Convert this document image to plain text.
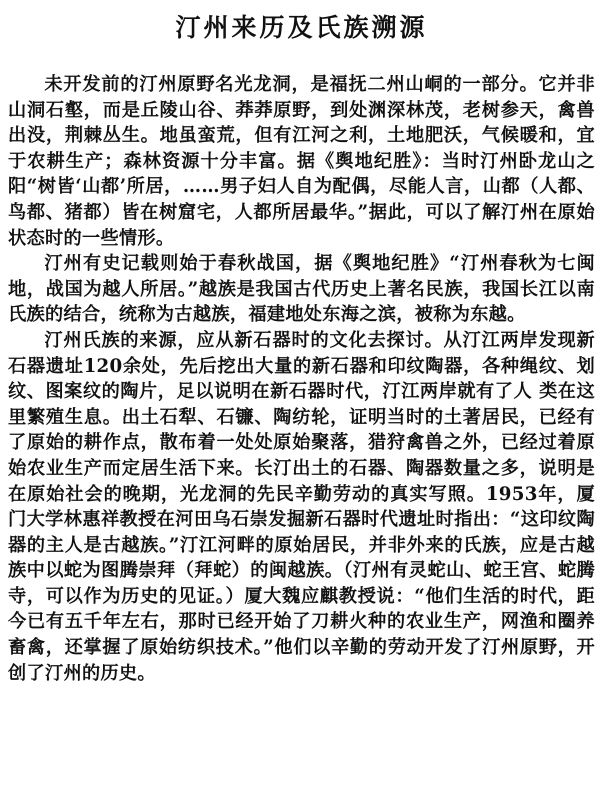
汀州来历及氏族溯源

未开发前的汀州原野名光龙洞，是福抚二州山峒的一部分。它并非山洞石壑，而是丘陵山谷、莽莽原野，到处渊深林茂，老树参天，禽兽出没，荆棘丛生。地虽蛮荒，但有江河之利，土地肥沃，气候暖和，宜于农耕生产；森林资源十分丰富。据《舆地纪胜》：当时汀州卧龙山之阳“树皆‘山都’所居，……男子妇人自为配偶，尽能人言，山都（人都、鸟都、猪都）皆在树窟宅，人都所居最华。”据此，可以了解汀州在原始状态时的一些情形。

汀州有史记载则始于春秋战国，据《舆地纪胜》“汀州春秋为七闽地，战国为越人所居。”越族是我国古代历史上著名民族，我国长江以南氏族的结合，统称为古越族，福建地处东海之滨，被称为东越。

汀州氏族的来源，应从新石器时的文化去探讨。从汀江两岸发现新石器遗址120余处，先后挖出大量的新石器和印纹陶器，各种绳纹、划纹、图案纹的陶片，足以说明在新石器时代，汀江两岸就有了人 类在这里繁殖生息。出土石犁、石镰、陶纺轮，证明当时的土著居民，已经有了原始的耕作点，散布着一处处原始聚落，猎狩禽兽之外，已经过着原始农业生产而定居生活下来。长汀出土的石器、陶器数量之多，说明是在原始社会的晚期，光龙洞的先民辛勤劳动的真实写照。1953年，厦门大学林惠祥教授在河田乌石崇发掘新石器时代遗址时指出：“这印纹陶器的主人是古越族。”汀江河畔的原始居民，并非外来的氏族，应是古越族中以蛇为图腾崇拜（拜蛇）的闽越族。（汀州有灵蛇山、蛇王宫、蛇腾寺，可以作为历史的见证。）厦大魏应麒教授说：“他们生活的时代，距今已有五千年左右，那时已经开始了刀耕火种的农业生产，网渔和圈养畜禽，还掌握了原始纺织技术。”他们以辛勤的劳动开发了汀州原野，开创了汀州的历史。
